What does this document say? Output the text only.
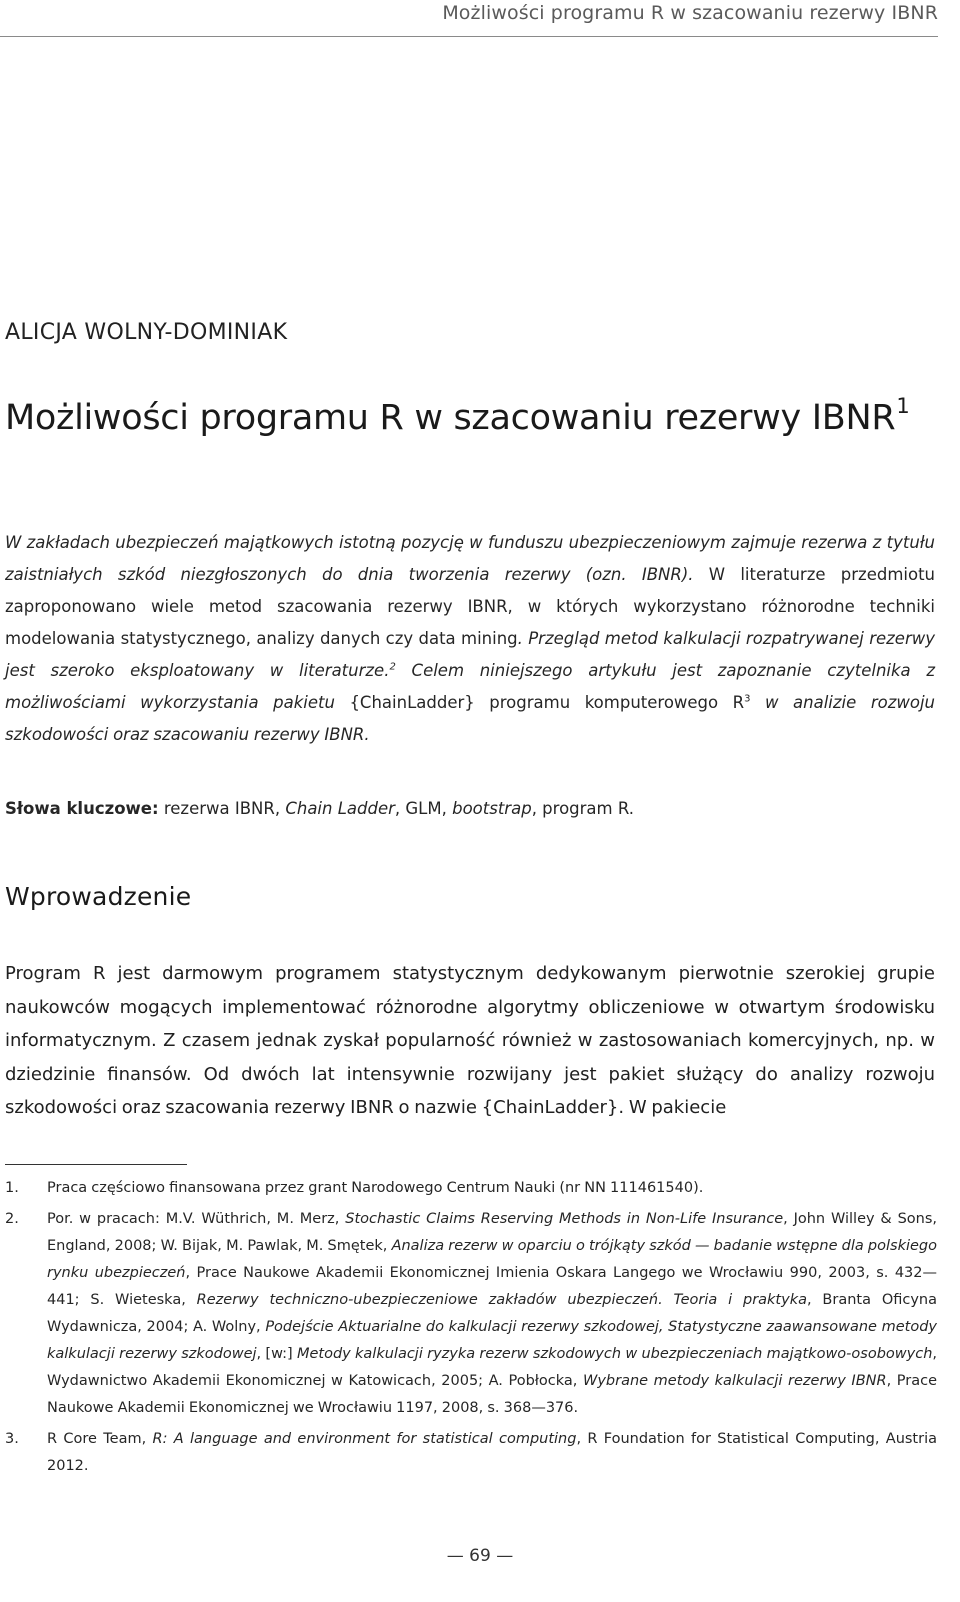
Możliwości programu R w szacowaniu rezerwy IBNR
ALICJA WOLNY-DOMINIAK
Możliwości programu R w szacowaniu rezerwy IBNR$^1$
W zakładach ubezpieczeń majątkowych istotną pozycję w funduszu ubezpieczeniowym zajmuje rezerwa z tytułu zaistniałych szkód niezgłoszonych do dnia tworzenia rezerwy (ozn. IBNR). W literaturze przedmiotu zaproponowano wiele metod szacowania rezerwy IBNR, w których wykorzystano różnorodne techniki modelowania statystycznego, analizy danych czy data mining. Przegląd metod kalkulacji rozpatrywanej rezerwy jest szeroko eksploatowany w literaturze.$^2$ Celem niniejszego artykułu jest zapoznanie czytelnika z możliwościami wykorzystania pakietu {ChainLadder} programu komputerowego $R^3$ w analizie rozwoju szkodowości oraz szacowaniu rezerwy IBNR.
Słowa kluczowe: rezerwa IBNR, Chain Ladder, GLM, bootstrap, program R.
Wprowadzenie
Program R jest darmowym programem statystycznym dedykowanym pierwotnie szerokiej grupie naukowców mogących implementować różnorodne algorytmy obliczeniowe w otwartym środowisku informatycznym. Z czasem jednak zyskał popularność również w zastosowaniach komercyjnych, np. w dziedzinie finansów. Od dwóch lat intensywnie rozwijany jest pakiet służący do analizy rozwoju szkodowości oraz szacowania rezerwy IBNR o nazwie {ChainLadder}. W pakiecie
1.	Praca częściowo finansowana przez grant Narodowego Centrum Nauki (nr NN 111461540).
2.	Por. w pracach: M.V. Wüthrich, M. Merz, Stochastic Claims Reserving Methods in Non-Life Insurance, John Willey & Sons, England, 2008; W. Bijak, M. Pawlak, M. Smętek, Analiza rezerw w oparciu o trójkąty szkód — badanie wstępne dla polskiego rynku ubezpieczeń, Prace Naukowe Akademii Ekonomicznej Imienia Oskara Langego we Wrocławiu 990, 2003, s. 432—441; S. Wieteska, Rezerwy techniczno-ubezpieczeniowe zakładów ubezpieczeń. Teoria i praktyka, Branta Oficyna Wydawnicza, 2004; A. Wolny, Podejście Aktuarialne do kalkulacji rezerwy szkodowej, Statystyczne zaawansowane metody kalkulacji rezerwy szkodowej, [w:] Metody kalkulacji ryzyka rezerw szkodowych w ubezpieczeniach majątkowo-osobowych, Wydawnictwo Akademii Ekonomicznej w Katowicach, 2005; A. Pobłocka, Wybrane metody kalkulacji rezerwy IBNR, Prace Naukowe Akademii Ekonomicznej we Wrocławiu 1197, 2008, s. 368—376.
3.	R Core Team, R: A language and environment for statistical computing, R Foundation for Statistical Computing, Austria 2012.
— 69 —
